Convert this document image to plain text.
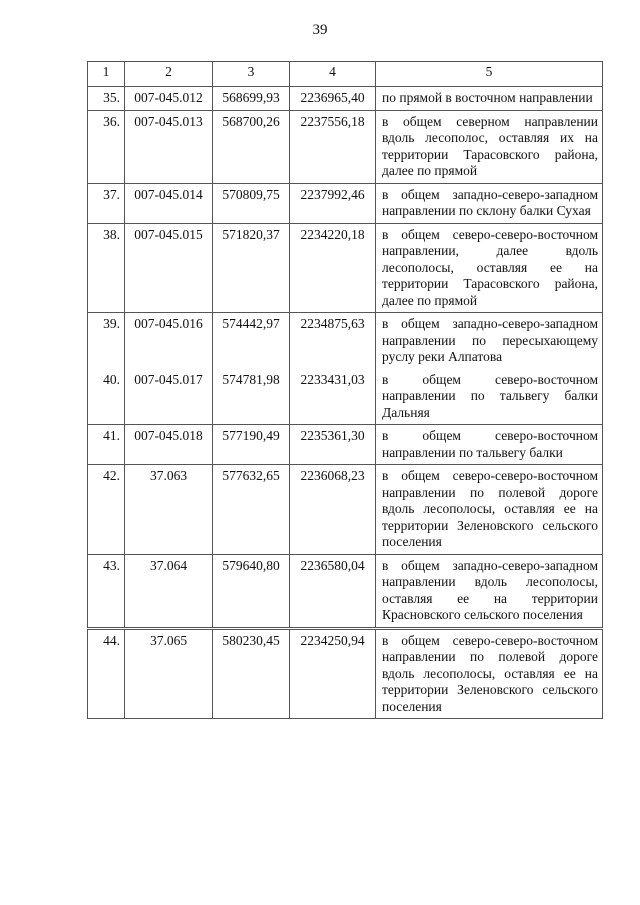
39
1	2	3	4	5
35.	007-045.012	568699,93	2236965,40	по прямой в восточном направлении
36.	007-045.013	568700,26	2237556,18	в общем северном направлении вдоль лесополос, оставляя их на территории Тарасовского района, далее по прямой
37.	007-045.014	570809,75	2237992,46	в общем западно-северо-западном направлении по склону балки Сухая
38.	007-045.015	571820,37	2234220,18	в общем северо-северо-восточном направлении, далее вдоль лесополосы, оставляя ее на территории Тарасовского района, далее по прямой
39.	007-045.016	574442,97	2234875,63	в общем западно-северо-западном направлении по пересыхающему руслу реки Алпатова
40.	007-045.017	574781,98	2233431,03	в общем северо-восточном направлении по тальвегу балки Дальняя
41.	007-045.018	577190,49	2235361,30	в общем северо-восточном направлении по тальвегу балки
42.	37.063	577632,65	2236068,23	в общем северо-северо-восточном направлении по полевой дороге вдоль лесополосы, оставляя ее на территории Зеленовского сельского поселения
43.	37.064	579640,80	2236580,04	в общем западно-северо-западном направлении вдоль лесополосы, оставляя ее на территории Красновского сельского поселения
44.	37.065	580230,45	2234250,94	в общем северо-северо-восточном направлении по полевой дороге вдоль лесополосы, оставляя ее на территории Зеленовского сельского поселения
